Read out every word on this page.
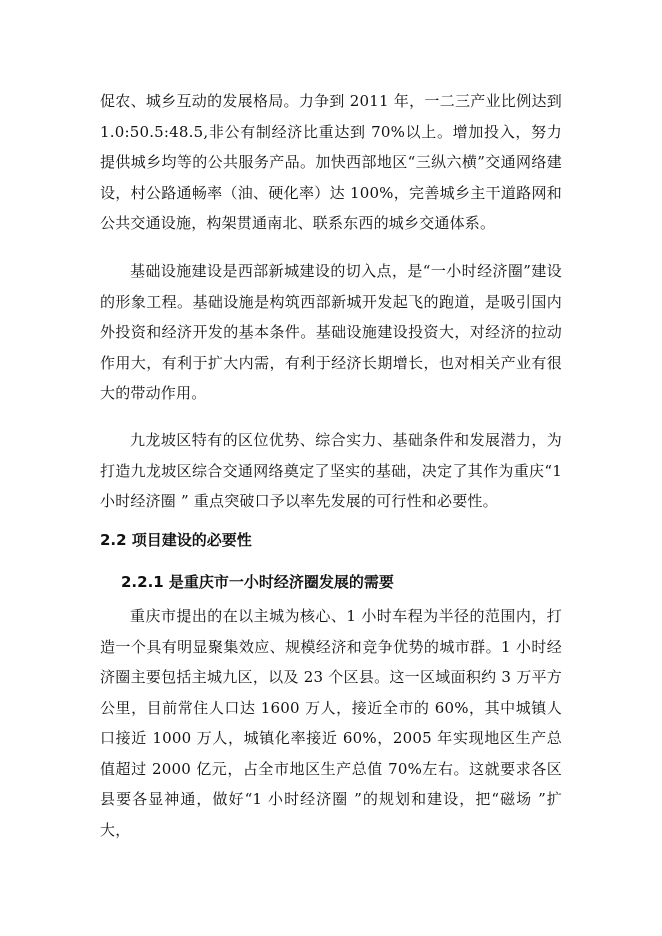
促农、城乡互动的发展格局。力争到 2011 年，一二三产业比例达到 1.0:50.5:48.5,非公有制经济比重达到 70%以上。增加投入，努力提供城乡均等的公共服务产品。加快西部地区“三纵六横”交通网络建设，村公路通畅率（油、硬化率）达 100%，完善城乡主干道路网和公共交通设施，构架贯通南北、联系东西的城乡交通体系。

基础设施建设是西部新城建设的切入点，是“一小时经济圈”建设的形象工程。基础设施是构筑西部新城开发起飞的跑道，是吸引国内外投资和经济开发的基本条件。基础设施建设投资大，对经济的拉动作用大，有利于扩大内需，有利于经济长期增长，也对相关产业有很大的带动作用。

九龙坡区特有的区位优势、综合实力、基础条件和发展潜力，为打造九龙坡区综合交通网络奠定了坚实的基础，决定了其作为重庆“1 小时经济圈 ” 重点突破口予以率先发展的可行性和必要性。

2.2 项目建设的必要性
2.2.1 是重庆市一小时经济圈发展的需要

重庆市提出的在以主城为核心、1 小时车程为半径的范围内，打造一个具有明显聚集效应、规模经济和竞争优势的城市群。1 小时经济圈主要包括主城九区，以及 23 个区县。这一区域面积约 3 万平方公里，目前常住人口达 1600 万人，接近全市的 60%，其中城镇人口接近 1000 万人，城镇化率接近 60%，2005 年实现地区生产总值超过 2000 亿元，占全市地区生产总值 70%左右。这就要求各区县要各显神通，做好“1 小时经济圈 ”的规划和建设，把“磁场 ”扩大，
